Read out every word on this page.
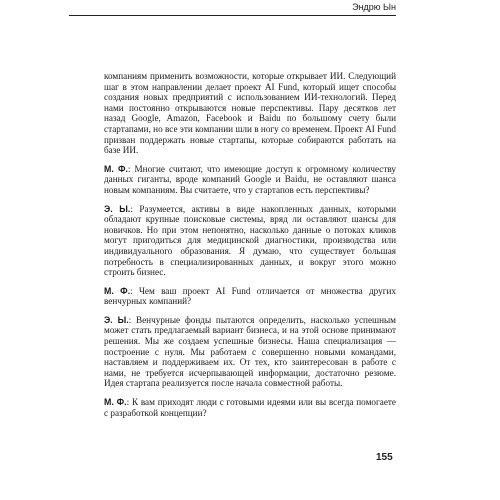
Эндрю Ын

компаниям применить возможности, которые открывает ИИ. Следующий шаг в этом направлении делает проект AI Fund, который ищет способы создания новых предприятий с использованием ИИ-технологий. Перед нами постоянно открываются новые перспективы. Пару десятков лет назад Google, Amazon, Facebook и Baidu по большому счету были стартапами, но все эти компании шли в ногу со временем. Проект AI Fund призван поддержать новые стартапы, которые собираются работать на базе ИИ.

М. Ф.: Многие считают, что имеющие доступ к огромному количеству данных гиганты, вроде компаний Google и Baidu, не оставляют шанса новым компаниям. Вы считаете, что у стартапов есть перспективы?

Э. Ы.: Разумеется, активы в виде накопленных данных, которыми обладают крупные поисковые системы, вряд ли оставляют шансы для новичков. Но при этом непонятно, насколько данные о потоках кликов могут пригодиться для медицинской диагностики, производства или индивидуального образования. Я думаю, что существует большая потребность в специализированных данных, и вокруг этого можно строить бизнес.

М. Ф.: Чем ваш проект AI Fund отличается от множества других венчурных компаний?

Э. Ы.: Венчурные фонды пытаются определить, насколько успешным может стать предлагаемый вариант бизнеса, и на этой основе принимают решения. Мы же создаем успешные бизнесы. Наша специализация — построение с нуля. Мы работаем с совершенно новыми командами, наставляем и поддерживаем их. От тех, кто заинтересован в работе с нами, не требуется исчерпывающей информации, достаточно резюме. Идея стартапа реализуется после начала совместной работы.

М. Ф.: К вам приходят люди с готовыми идеями или вы всегда помогаете с разработкой концепции?

155
